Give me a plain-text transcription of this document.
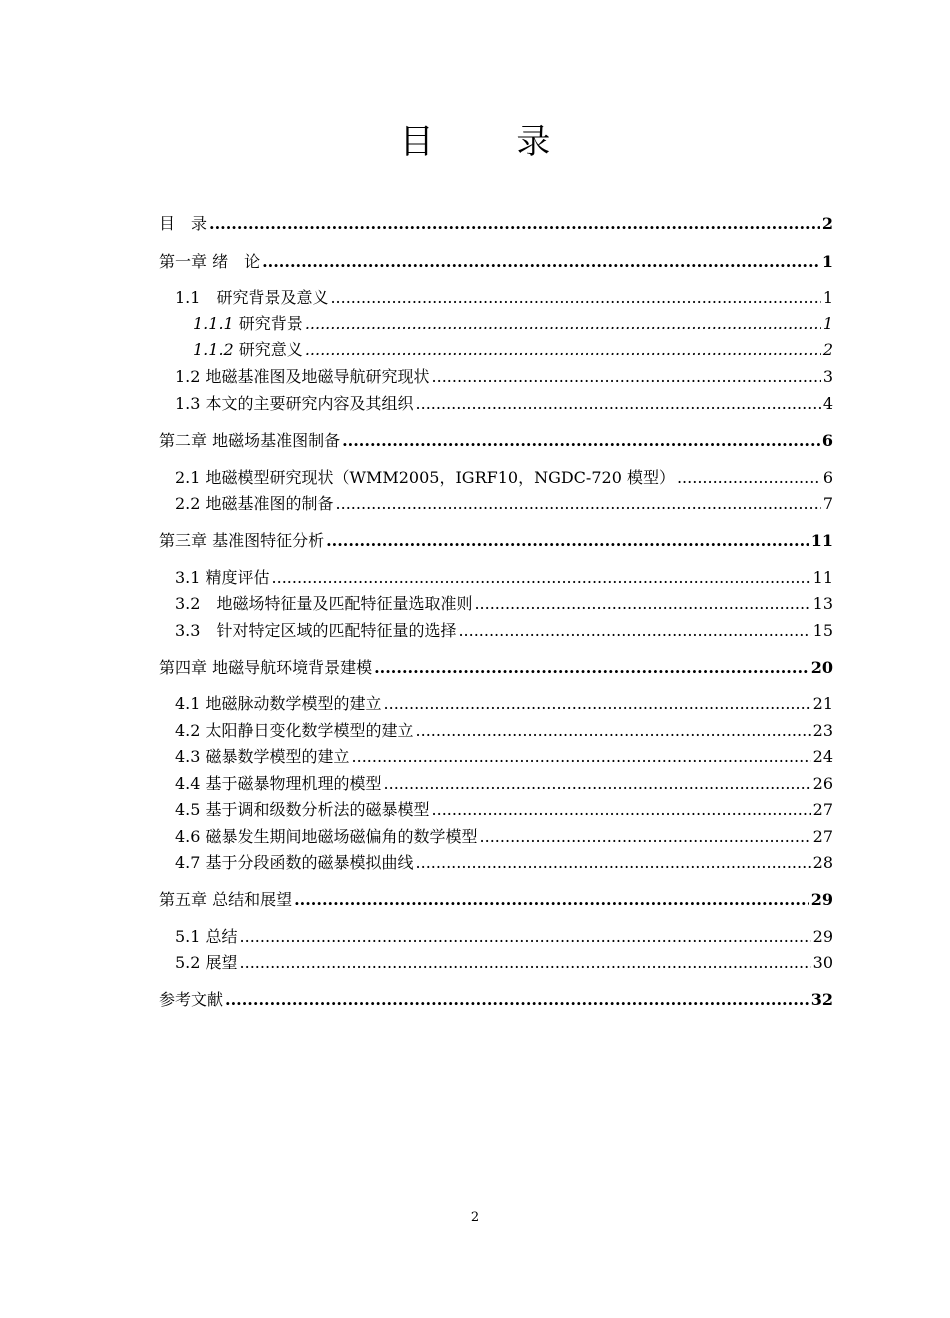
目 录
目　录 .....	2
第一章 绪　论 .....	1
1.1　研究背景及意义 .....	1
1.1.1 研究背景 .....	1
1.1.2 研究意义 .....	2
1.2 地磁基准图及地磁导航研究现状 .....	3
1.3 本文的主要研究内容及其组织 .....	4
第二章 地磁场基准图制备 .....	6
2.1 地磁模型研究现状（WMM2005，IGRF10，NGDC-720 模型） .....	6
2.2 地磁基准图的制备 .....	7
第三章 基准图特征分析 .....	11
3.1 精度评估 .....	11
3.2　地磁场特征量及匹配特征量选取准则 .....	13
3.3　针对特定区域的匹配特征量的选择 .....	15
第四章 地磁导航环境背景建模 .....	20
4.1 地磁脉动数学模型的建立 .....	21
4.2 太阳静日变化数学模型的建立 .....	23
4.3 磁暴数学模型的建立 .....	24
4.4 基于磁暴物理机理的模型 .....	26
4.5 基于调和级数分析法的磁暴模型 .....	27
4.6 磁暴发生期间地磁场磁偏角的数学模型 .....	27
4.7 基于分段函数的磁暴模拟曲线 .....	28
第五章 总结和展望 .....	29
5.1 总结 .....	29
5.2 展望 .....	30
参考文献 .....	32
2
